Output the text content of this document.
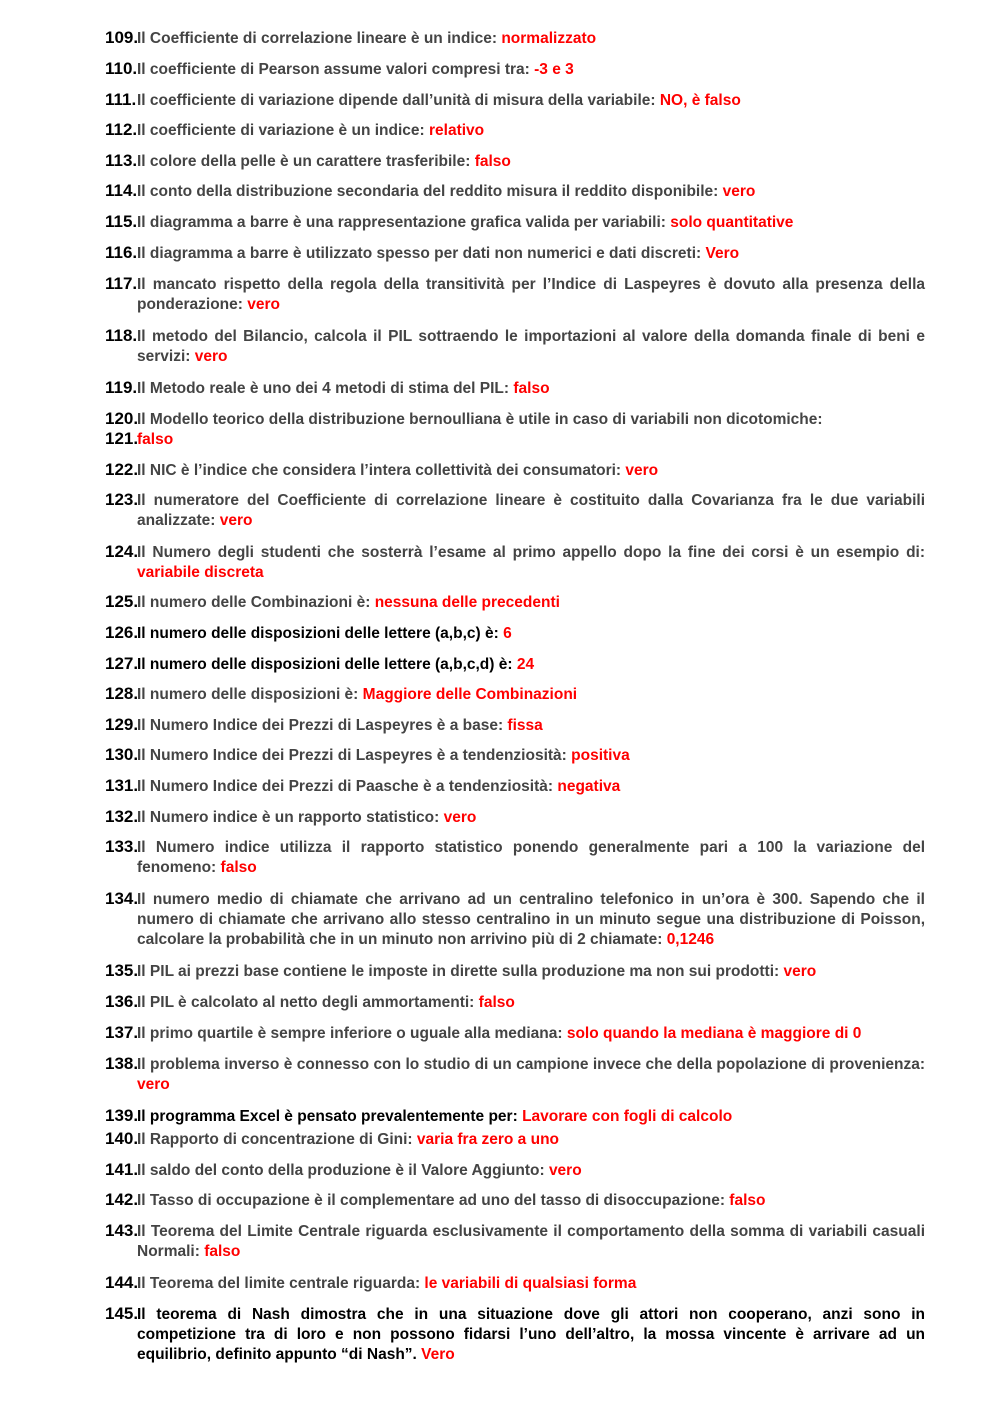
109.
Il Coefficiente di correlazione lineare è un indice: normalizzato
110. Il coefficiente di Pearson assume valori compresi tra: -3 e 3
111. Il coefficiente di variazione dipende dall’unità di misura della variabile: NO, è falso
112. Il coefficiente di variazione è un indice: relativo
113. Il colore della pelle è un carattere trasferibile: falso
114. Il conto della distribuzione secondaria del reddito misura il reddito disponibile: vero
115. Il diagramma a barre è una rappresentazione grafica valida per variabili: solo quantitative
116. Il diagramma a barre è utilizzato spesso per dati non numerici e dati discreti: Vero
117. Il mancato rispetto della regola della transitività per l’Indice di Laspeyres è dovuto alla presenza della ponderazione: vero
118. Il metodo del Bilancio, calcola il PIL sottraendo le importazioni al valore della domanda finale di beni e servizi: vero
119. Il Metodo reale è uno dei 4 metodi di stima del PIL: falso
120.
Il Modello teorico della distribuzione bernoulliana è utile in caso di variabili non dicotomiche:
121.
falso
122.
Il NIC è l’indice che considera l’intera collettività dei consumatori: vero
123.
Il numeratore del Coefficiente di correlazione lineare è costituito dalla Covarianza fra le due variabili analizzate: vero
124.
Il Numero degli studenti che sosterrà l’esame al primo appello dopo la fine dei corsi è un esempio di: variabile discreta
125.
Il numero delle Combinazioni è: nessuna delle precedenti
126.
Il numero delle disposizioni delle lettere (a,b,c) è: 6
127.
Il numero delle disposizioni delle lettere (a,b,c,d) è: 24
128.
Il numero delle disposizioni è: Maggiore delle Combinazioni
129.
Il Numero Indice dei Prezzi di Laspeyres è a base: fissa
130.
Il Numero Indice dei Prezzi di Laspeyres è a tendenziosità: positiva
131.
Il Numero Indice dei Prezzi di Paasche è a tendenziosità: negativa
132.
Il Numero indice è un rapporto statistico: vero
133.
Il Numero indice utilizza il rapporto statistico ponendo generalmente pari a 100 la variazione del fenomeno: falso
134.
Il numero medio di chiamate che arrivano ad un centralino telefonico in un’ora è 300. Sapendo che il numero di chiamate che arrivano allo stesso centralino in un minuto segue una distribuzione di Poisson, calcolare la probabilità che in un minuto non arrivino più di 2 chiamate: 0,1246
135.
Il PIL ai prezzi base contiene le imposte in dirette sulla produzione ma non sui prodotti: vero
136.
Il PIL è calcolato al netto degli ammortamenti: falso
137.
Il primo quartile è sempre inferiore o uguale alla mediana: solo quando la mediana è maggiore di 0
138.
Il problema inverso è connesso con lo studio di un campione invece che della popolazione di provenienza: vero
139.
Il programma Excel è pensato prevalentemente per: Lavorare con fogli di calcolo
140.
Il Rapporto di concentrazione di Gini: varia fra zero a uno
141.
Il saldo del conto della produzione è il Valore Aggiunto: vero
142.
Il Tasso di occupazione è il complementare ad uno del tasso di disoccupazione: falso
143.
Il Teorema del Limite Centrale riguarda esclusivamente il comportamento della somma di variabili casuali Normali: falso
144.
Il Teorema del limite centrale riguarda: le variabili di qualsiasi forma
145.
Il teorema di Nash dimostra che in una situazione dove gli attori non cooperano, anzi sono in competizione tra di loro e non possono fidarsi l’uno dell’altro, la mossa vincente è arrivare ad un equilibrio, definito appunto “di Nash”. Vero
